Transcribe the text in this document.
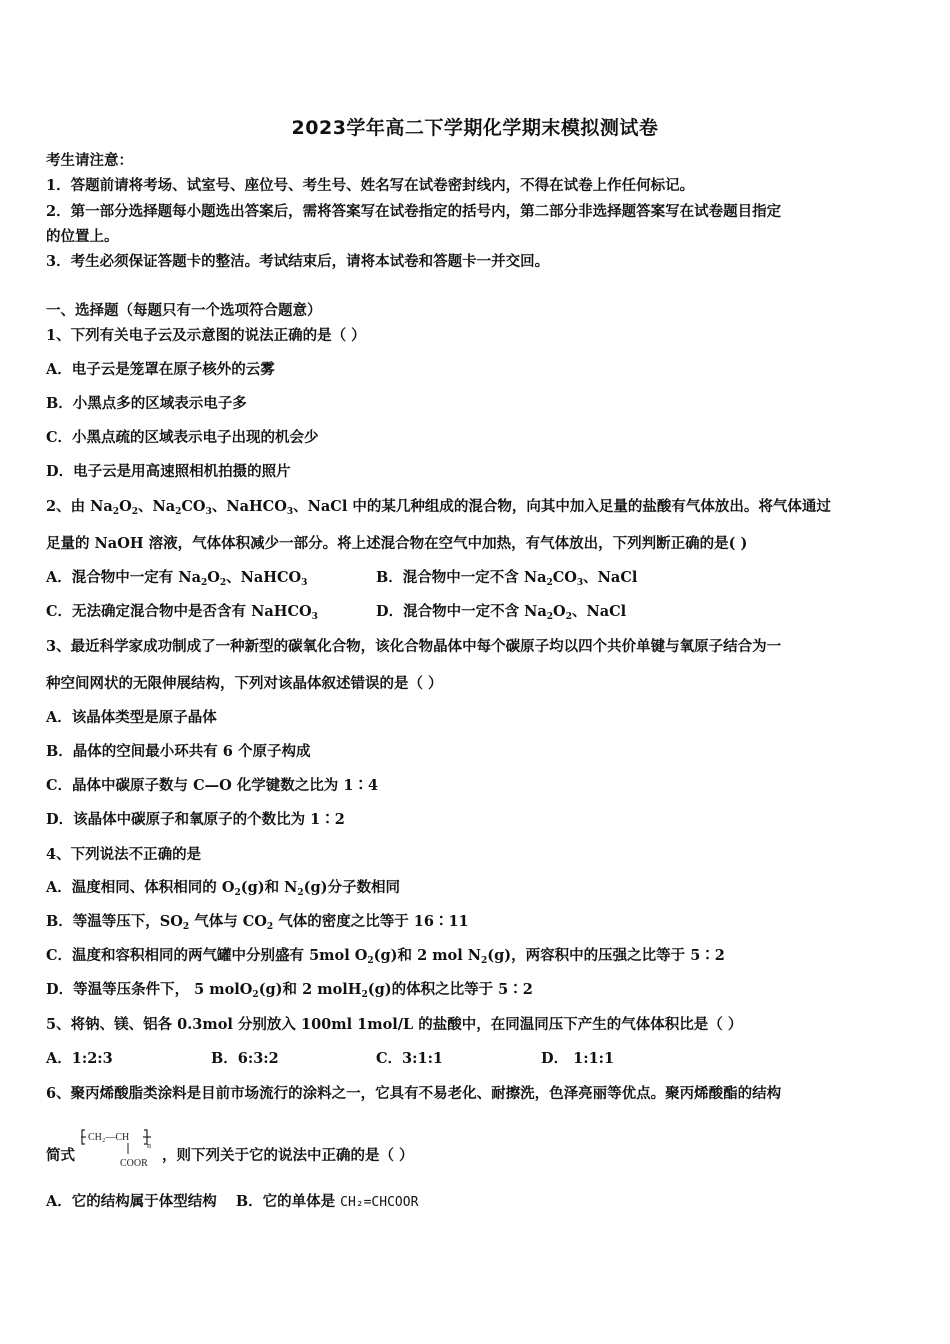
2023学年高二下学期化学期末模拟测试卷
考生请注意：
1．答题前请将考场、试室号、座位号、考生号、姓名写在试卷密封线内，不得在试卷上作任何标记。
2．第一部分选择题每小题选出答案后，需将答案写在试卷指定的括号内，第二部分非选择题答案写在试卷题目指定
的位置上。
3．考生必须保证答题卡的整洁。考试结束后，请将本试卷和答题卡一并交回。
一、选择题（每题只有一个选项符合题意）
1、下列有关电子云及示意图的说法正确的是（ ）
A．电子云是笼罩在原子核外的云雾
B．小黑点多的区域表示电子多
C．小黑点疏的区域表示电子出现的机会少
D．电子云是用高速照相机拍摄的照片
2、由 $Na_2O_2$、$Na_2CO_3$、NaHCO$_3$、NaCl 中的某几种组成的混合物，向其中加入足量的盐酸有气体放出。将气体通过
足量的 NaOH 溶液，气体体积减少一部分。将上述混合物在空气中加热，有气体放出，下列判断正确的是( )
A．混合物中一定有 $Na_2O_2$、NaHCO$_3$	B．混合物中一定不含 $Na_2CO_3$、NaCl
C．无法确定混合物中是否含有 NaHCO$_3$	D．混合物中一定不含 $Na_2O_2$、NaCl
3、最近科学家成功制成了一种新型的碳氧化合物，该化合物晶体中每个碳原子均以四个共价单键与氧原子结合为一
种空间网状的无限伸展结构，下列对该晶体叙述错误的是（ ）
A．该晶体类型是原子晶体
B．晶体的空间最小环共有 6 个原子构成
C．晶体中碳原子数与 C—O 化学键数之比为 1∶4
D．该晶体中碳原子和氧原子的个数比为 1∶2
4、下列说法不正确的是
A．温度相同、体积相同的 $O_2(g)$和 $N_2(g)$分子数相同
B．等温等压下，$SO_2$ 气体与 $CO_2$ 气体的密度之比等于 16∶11
C．温度和容积相同的两气罐中分别盛有 5mol $O_2(g)$和 2 mol $N_2(g)$，两容积中的压强之比等于 5∶2
D．等温等压条件下， 5 molO$_2$(g)和 2 molH$_2$(g)的体积之比等于 5∶2
5、将钠、镁、铝各 0.3mol 分别放入 100ml 1mol/L 的盐酸中，在同温同压下产生的气体体积比是（ ）
A．1:2:3	B．6:3:2	C．3:1:1	D． 1:1:1
6、聚丙烯酸脂类涂料是目前市场流行的涂料之一，它具有不易老化、耐擦洗，色泽亮丽等优点。聚丙烯酸酯的结构
简式
CH₂—CH
n
COOR ，则下列关于它的说法中正确的是（ ）
A．它的结构属于体型结构 B．它的单体是 CH₂=CHCOOR
